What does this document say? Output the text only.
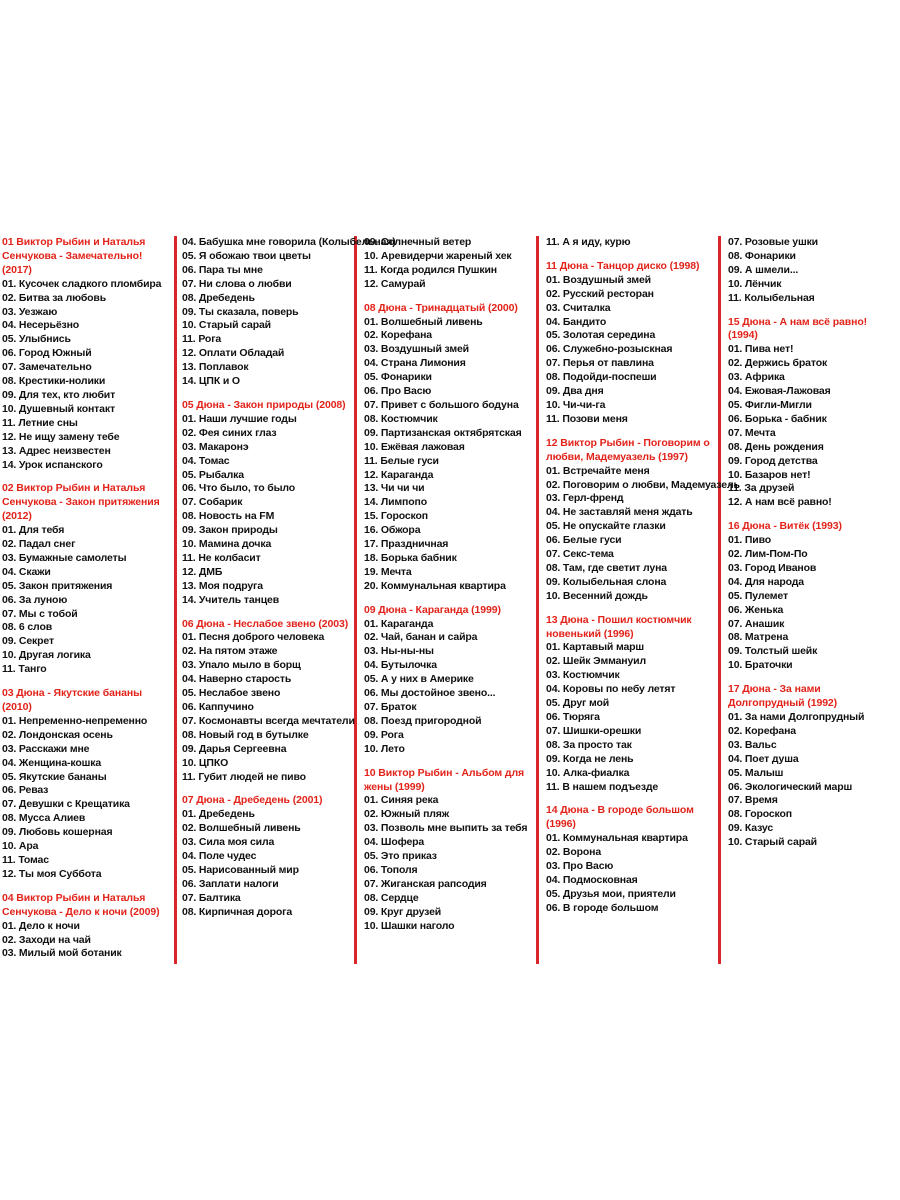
01 Виктор Рыбин и Наталья Сенчукова - Замечательно! (2017)
01. Кусочек сладкого пломбира
02. Битва за любовь
03. Уезжаю
04. Несерьёзно
05. Улыбнись
06. Город Южный
07. Замечательно
08. Крестики-нолики
09. Для тех, кто любит
10. Душевный контакт
11. Летние сны
12. Не ищу замену тебе
13. Адрес неизвестен
14. Урок испанского
02 Виктор Рыбин и Наталья Сенчукова - Закон притяжения (2012)
01. Для тебя
02. Падал снег
03. Бумажные самолеты
04. Скажи
05. Закон притяжения
06. За луною
07. Мы с тобой
08. 6 слов
09. Секрет
10. Другая логика
11. Танго
03 Дюна - Якутские бананы (2010)
01. Непременно-непременно
02. Лондонская осень
03. Расскажи мне
04. Женщина-кошка
05. Якутские бананы
06. Реваз
07. Девушки с Крещатика
08. Мусса Алиев
09. Любовь кошерная
10. Ара
11. Томас
12. Ты моя Суббота
04 Виктор Рыбин и Наталья Сенчукова - Дело к ночи (2009)
01. Дело к ночи
02. Заходи на чай
03. Милый мой ботаник
04. Бабушка мне говорила (Колыбельная)
05. Я обожаю твои цветы
06. Пара ты мне
07. Ни слова о любви
08. Дребедень
09. Ты сказала, поверь
10. Старый сарай
11. Рога
12. Оплати Обладай
13. Поплавок
14. ЦПК и О
05 Дюна - Закон природы (2008)
01. Наши лучшие годы
02. Фея синих глаз
03. Макаронэ
04. Томас
05. Рыбалка
06. Что было, то было
07. Собарик
08. Новость на FM
09. Закон природы
10. Мамина дочка
11. Не колбасит
12. ДМБ
13. Моя подруга
14. Учитель танцев
06 Дюна - Неслабое звено (2003)
01. Песня доброго человека
02. На пятом этаже
03. Упало мыло в борщ
04. Наверно старость
05. Неслабое звено
06. Каппучино
07. Космонавты всегда мечтатели
08. Новый год в бутылке
09. Дарья Сергеевна
10. ЦПКО
11. Губит людей не пиво
07 Дюна - Дребедень (2001)
01. Дребедень
02. Волшебный ливень
03. Сила моя сила
04. Поле чудес
05. Нарисованный мир
06. Заплати налоги
07. Балтика
08. Кирпичная дорога
09. Солнечный ветер
10. Аревидерчи жареный хек
11. Когда родился Пушкин
12. Самурай
08 Дюна - Тринадцатый (2000)
01. Волшебный ливень
02. Корефана
03. Воздушный змей
04. Страна Лимония
05. Фонарики
06. Про Васю
07. Привет с большого бодуна
08. Костюмчик
09. Партизанская октябрятская
10. Ежёвая лажовая
11. Белые гуси
12. Караганда
13. Чи чи чи
14. Лимпопо
15. Гороскоп
16. Обжора
17. Праздничная
18. Борька бабник
19. Мечта
20. Коммунальная квартира
09 Дюна - Караганда (1999)
01. Караганда
02. Чай, банан и сайра
03. Ны-ны-ны
04. Бутылочка
05. А у них в Америке
06. Мы достойное звено...
07. Браток
08. Поезд пригородной
09. Рога
10. Лето
10 Виктор Рыбин - Альбом для жены (1999)
01. Синяя река
02. Южный пляж
03. Позволь мне выпить за тебя
04. Шофера
05. Это приказ
06. Тополя
07. Жиганская рапсодия
08. Сердце
09. Круг друзей
10. Шашки наголо
11. А я иду, курю
11 Дюна - Танцор диско (1998)
01. Воздушный змей
02. Русский ресторан
03. Считалка
04. Бандито
05. Золотая середина
06. Служебно-розыскная
07. Перья от павлина
08. Подойди-поспеши
09. Два дня
10. Чи-чи-га
11. Позови меня
12 Виктор Рыбин - Поговорим о любви, Мадемуазель (1997)
01. Встречайте меня
02. Поговорим о любви, Мадемуазель
03. Герл-френд
04. Не заставляй меня ждать
05. Не опускайте глазки
06. Белые гуси
07. Секс-тема
08. Там, где светит луна
09. Колыбельная слона
10. Весенний дождь
13 Дюна - Пошил костюмчик новенький (1996)
01. Картавый марш
02. Шейк Эммануил
03. Костюмчик
04. Коровы по небу летят
05. Друг мой
06. Тюряга
07. Шишки-орешки
08. За просто так
09. Когда не лень
10. Алка-фиалка
11. В нашем подъезде
14 Дюна - В городе большом (1996)
01. Коммунальная квартира
02. Ворона
03. Про Васю
04. Подмосковная
05. Друзья мои, приятели
06. В городе большом
07. Розовые ушки
08. Фонарики
09. А шмели...
10. Лёнчик
11. Колыбельная
15 Дюна - А нам всё равно! (1994)
01. Пива нет!
02. Держись браток
03. Африка
04. Ежовая-Лажовая
05. Фигли-Мигли
06. Борька - бабник
07. Мечта
08. День рождения
09. Город детства
10. Базаров нет!
11. За друзей
12. А нам всё равно!
16 Дюна - Витёк (1993)
01. Пиво
02. Лим-Пом-По
03. Город Иванов
04. Для народа
05. Пулемет
06. Женька
07. Анашик
08. Матрена
09. Толстый шейк
10. Браточки
17 Дюна - За нами Долгопрудный (1992)
01. За нами Долгопрудный
02. Корефана
03. Вальс
04. Поет душа
05. Малыш
06. Экологический марш
07. Время
08. Гороскоп
09. Казус
10. Старый сарай
